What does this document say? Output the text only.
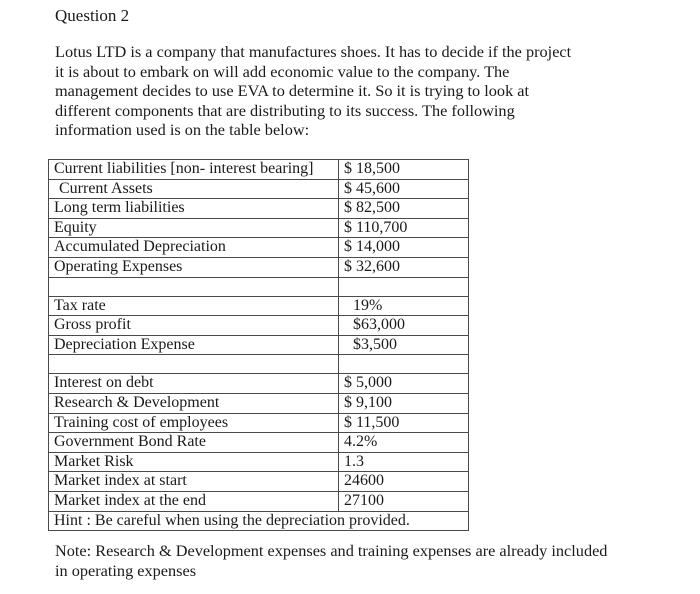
Question 2
Lotus LTD is a company that manufactures shoes. It has to decide if the project it is about to embark on will add economic value to the company. The management decides to use EVA to determine it. So it is trying to look at different components that are distributing to its success. The following information used is on the table below:
Current liabilities [non- interest bearing]	$ 18,500
Current Assets	$ 45,600
Long term liabilities	$ 82,500
Equity	$ 110,700
Accumulated Depreciation	$ 14,000
Operating Expenses	$ 32,600

Tax rate	19%
Gross profit	$63,000
Depreciation Expense	$3,500

Interest on debt	$ 5,000
Research & Development	$ 9,100
Training cost of employees	$ 11,500
Government Bond Rate	4.2%
Market Risk	1.3
Market index at start	24600
Market index at the end	27100
Hint : Be careful when using the depreciation provided.	
Note: Research & Development expenses and training expenses are already included in operating expenses
